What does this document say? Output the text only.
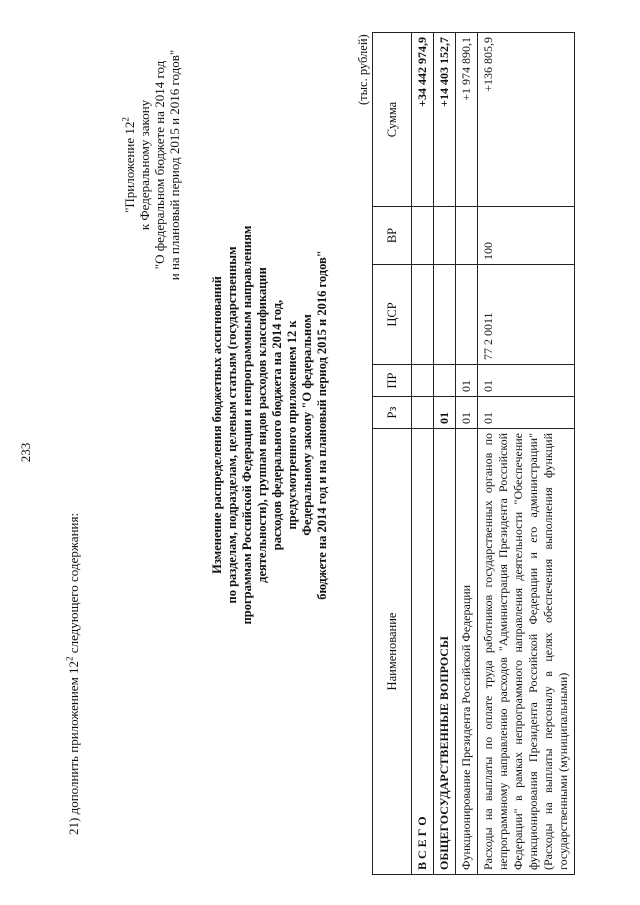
233
21) дополнить приложением $12^2$ следующего содержания:
"Приложение $12^2$ к Федеральному закону "О федеральном бюджете на 2014 год и на плановый период 2015 и 2016 годов"
Изменение распределения бюджетных ассигнований по разделам, подразделам, целевым статьям (государственным программам Российской Федерации и непрограммным направлениям деятельности), группам видов расходов классификации расходов федерального бюджета на 2014 год, предусмотренного приложением 12 к Федеральному закону "О федеральном бюджете на 2014 год и на плановый период 2015 и 2016 годов"
(тыс. рублей)
Наименование	Рз	ПР	ЦСР	ВР	Сумма
В С Е Г О					+34 442 974,9
ОБЩЕГОСУДАРСТВЕННЫЕ ВОПРОСЫ	01				+14 403 152,7
Функционирование Президента Российской Федерации	01	01			+1 974 890,1
Расходы на выплаты по оплате труда работников государственных органов по непрограммному направлению расходов "Администрация Президента Российской Федерации" в рамках непрограммного направления деятельности "Обеспечение функционирования Президента Российской Федерации и его администрации" (Расходы на выплаты персоналу в целях обеспечения выполнения функций государственными (муниципальными)	01	01	77 2 0011	100	+136 805,9
